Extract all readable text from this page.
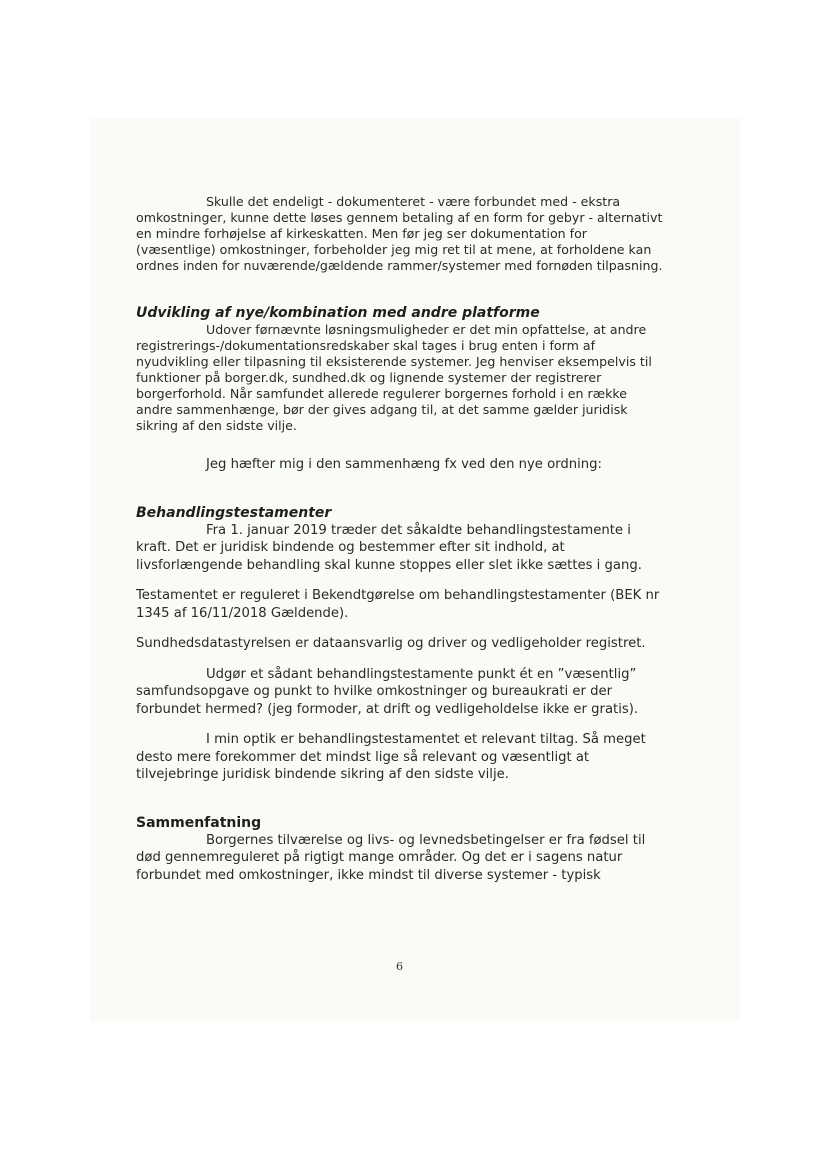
Skulle det endeligt - dokumenteret - være forbundet med - ekstra omkostninger, kunne dette løses gennem betaling af en form for gebyr - alternativt en mindre forhøjelse af kirkeskatten. Men før jeg ser dokumentation for (væsentlige) omkostninger, forbeholder jeg mig ret til at mene, at forholdene kan ordnes inden for nuværende/gældende rammer/systemer med fornøden tilpasning.

Udvikling af nye/kombination med andre platforme

Udover førnævnte løsningsmuligheder er det min opfattelse, at andre registrerings-/dokumentationsredskaber skal tages i brug enten i form af nyudvikling eller tilpasning til eksisterende systemer. Jeg henviser eksempelvis til funktioner på borger.dk, sundhed.dk og lignende systemer der registrerer borgerforhold. Når samfundet allerede regulerer borgernes forhold i en række andre sammenhænge, bør der gives adgang til, at det samme gælder juridisk sikring af den sidste vilje.

Jeg hæfter mig i den sammenhæng fx ved den nye ordning:

Behandlingstestamenter

Fra 1. januar 2019 træder det såkaldte behandlingstestamente i kraft. Det er juridisk bindende og bestemmer efter sit indhold, at livsforlængende behandling skal kunne stoppes eller slet ikke sættes i gang.

Testamentet er reguleret i Bekendtgørelse om behandlingstestamenter (BEK nr 1345 af 16/11/2018 Gældende).

Sundhedsdatastyrelsen er dataansvarlig og driver og vedligeholder registret.

Udgør et sådant behandlingstestamente punkt ét en ”væsentlig” samfundsopgave og punkt to hvilke omkostninger og bureaukrati er der forbundet hermed? (jeg formoder, at drift og vedligeholdelse ikke er gratis).

I min optik er behandlingstestamentet et relevant tiltag. Så meget desto mere forekommer det mindst lige så relevant og væsentligt at tilvejebringe juridisk bindende sikring af den sidste vilje.

Sammenfatning

Borgernes tilværelse og livs- og levnedsbetingelser er fra fødsel til død gennemreguleret på rigtigt mange områder. Og det er i sagens natur forbundet med omkostninger, ikke mindst til diverse systemer - typisk

6
